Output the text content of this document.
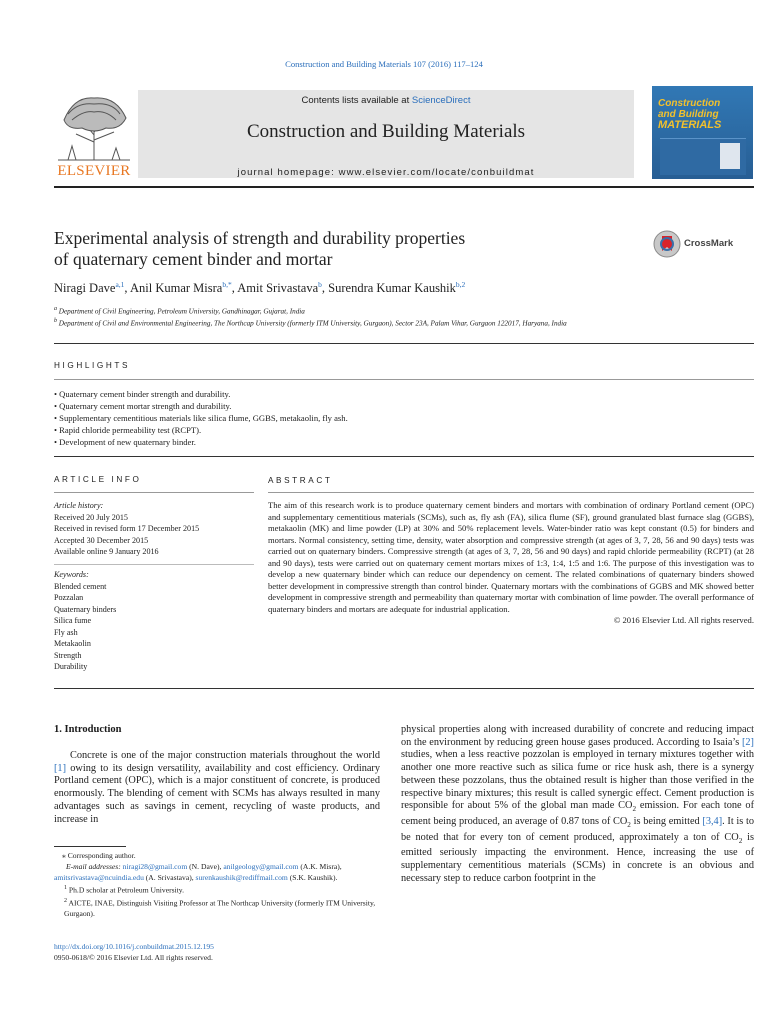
Construction and Building Materials 107 (2016) 117–124
ELSEVIER
Contents lists available at ScienceDirect
Construction and Building Materials
journal homepage: www.elsevier.com/locate/conbuildmat
Construction
and Building
MATERIALS
Experimental analysis of strength and durability properties
of quaternary cement binder and mortar
CrossMark
Niragi Dave$^{a,1}$, Anil Kumar Misra$^{b,*}$, Amit Srivastava$^b$, Surendra Kumar Kaushik$^{b,2}$
$^a$ Department of Civil Engineering, Petroleum University, Gandhinagar, Gujarat, India
$^b$ Department of Civil and Environmental Engineering, The Northcap University (formerly ITM University, Gurgaon), Sector 23A, Palam Vihar, Gurgaon 122017, Haryana, India
HIGHLIGHTS
• Quaternary cement binder strength and durability.
• Quaternary cement mortar strength and durability.
• Supplementary cementitious materials like silica flume, GGBS, metakaolin, fly ash.
• Rapid chloride permeability test (RCPT).
• Development of new quaternary binder.
ARTICLE INFO
Article history:
Received 20 July 2015
Received in revised form 17 December 2015
Accepted 30 December 2015
Available online 9 January 2016
Keywords:
Blended cement
Pozzalan
Quaternary binders
Silica fume
Fly ash
Metakaolin
Strength
Durability
ABSTRACT
The aim of this research work is to produce quaternary cement binders and mortars with combination of ordinary Portland cement (OPC) and supplementary cementitious materials (SCMs), such as, fly ash (FA), silica flume (SF), ground granulated blast furnace slag (GGBS), metakaolin (MK) and lime powder (LP) at 30% and 50% replacement levels. Water-binder ratio was kept constant (0.5) for binders and mortars. Normal consistency, setting time, density, water absorption and compressive strength (at ages of 3, 7, 28, 56 and 90 days) tests was carried out on quaternary binders. Compressive strength (at ages of 3, 7, 28, 56 and 90 days) and rapid chloride permeability (RCPT) (at 28 and 90 days), tests were carried out on quaternary cement mortars mixes of 1:3, 1:4, 1:5 and 1:6. The purpose of this investigation was to develop a new quaternary binder which can reduce our dependency on cement. The related combinations of quaternary binders showed better development in compressive strength than control binder. Quaternary mortars with the combinations of GGBS and MK showed better development in compressive strength and permeability than quaternary mortar with combination of lime powder. The overall performance of quaternary binders and mortars are adequate for industrial application.
© 2016 Elsevier Ltd. All rights reserved.
1. Introduction
Concrete is one of the major construction materials throughout the world [1] owing to its design versatility, availability and cost efficiency. Ordinary Portland cement (OPC), which is a major constituent of concrete, is produced enormously. The blending of cement with SCMs has always resulted in many advantages such as savings in cement, recycling of waste products, and increase in
physical properties along with increased durability of concrete and reducing impact on the environment by reducing green house gases produced. According to Isaia’s [2] studies, when a less reactive pozzolan is employed in ternary mixtures together with another one more reactive such as silica fume or rice husk ash, there is a synergy between these pozzolans, thus the obtained result is higher than those verified in the respective binary mixtures; this result is called synergic effect. Cement production is responsible for about 5% of the global man made $CO_2$ emission. For each tone of cement being produced, an average of 0.87 tons of $CO_2$ is being emitted [3,4]. It is to be noted that for every ton of cement produced, approximately a ton of $CO_2$ is emitted seriously impacting the environment. Hence, increasing the use of supplementary cementitious materials (SCMs) in concrete is an obvious and necessary step to reduce carbon footprint in the
⁎ Corresponding author.
E-mail addresses: niragi28@gmail.com (N. Dave), anilgeology@gmail.com (A.K. Misra), amitsrivastava@ncuindia.edu (A. Srivastava), surenkaushik@rediffmail.com (S.K. Kaushik).
$^1$ Ph.D scholar at Petroleum University.
$^2$ AICTE, INAE, Distinguish Visiting Professor at The Northcap University (formerly ITM University, Gurgaon).
http://dx.doi.org/10.1016/j.conbuildmat.2015.12.195
0950-0618/© 2016 Elsevier Ltd. All rights reserved.
